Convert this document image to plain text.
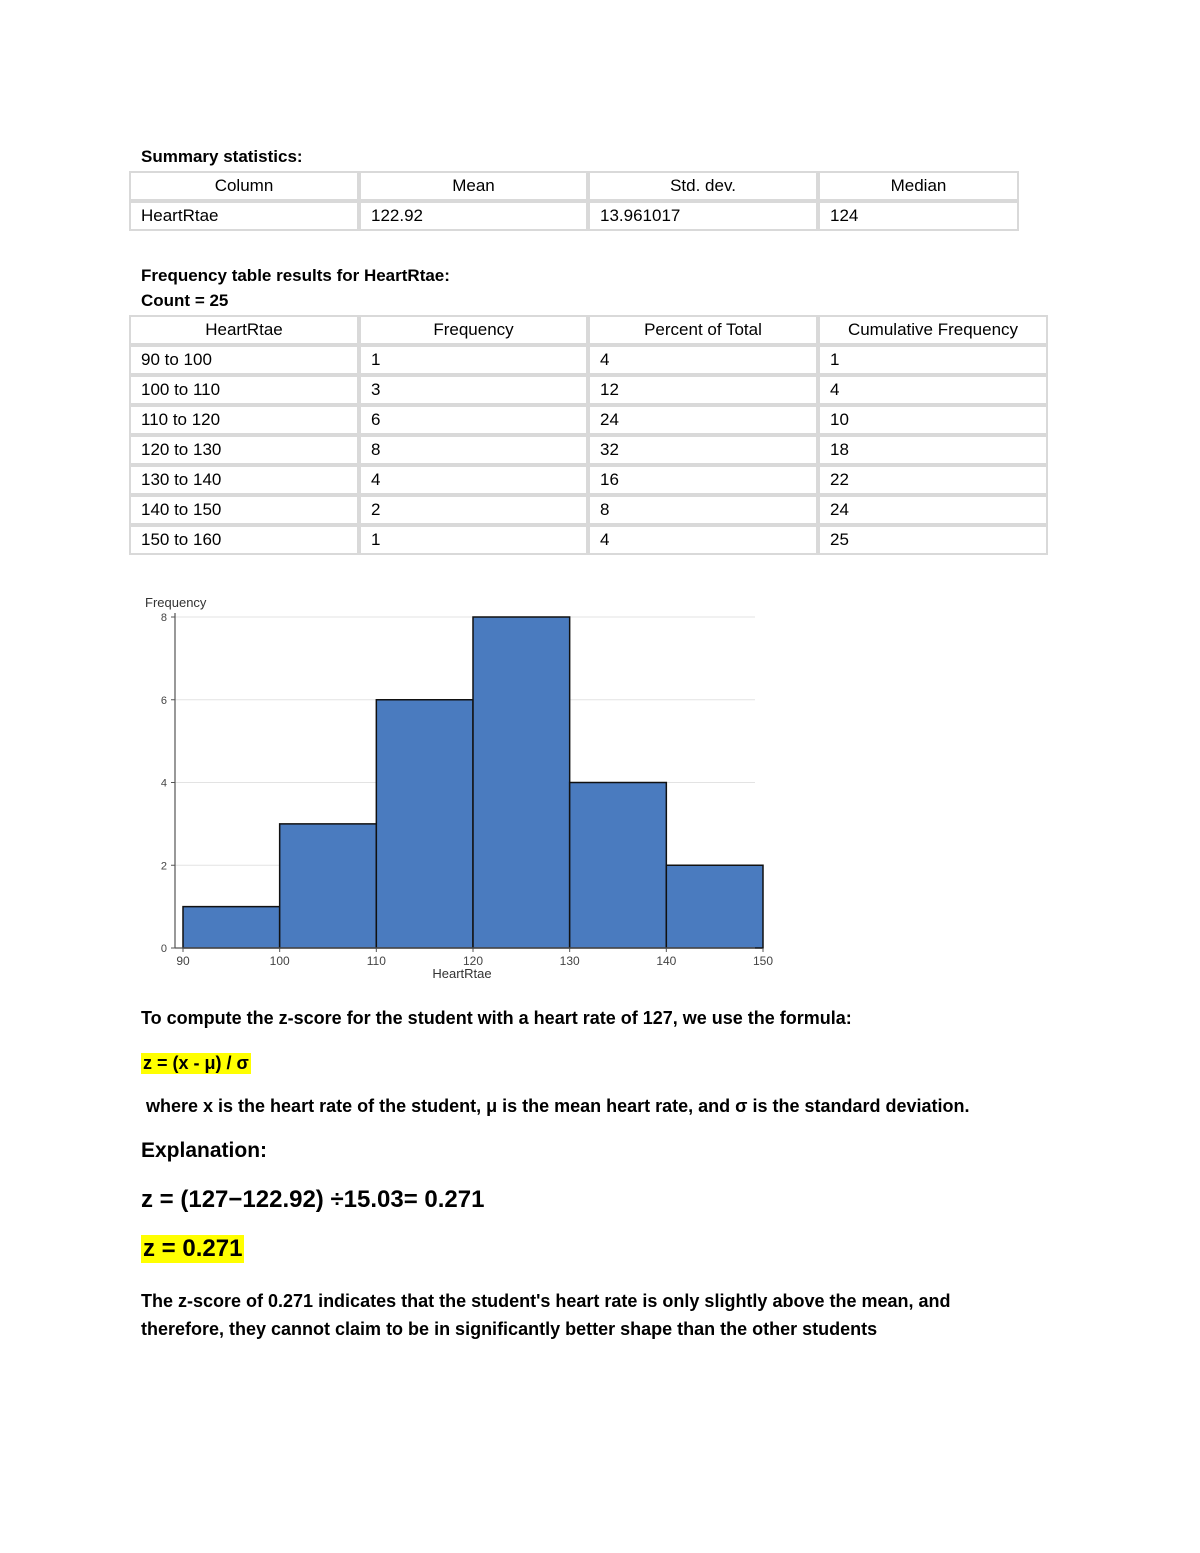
Summary statistics:
Column	Mean	Std. dev.	Median
HeartRtae	122.92	13.961017	124
Frequency table results for HeartRtae:
Count = 25
HeartRtae	Frequency	Percent of Total	Cumulative Frequency
90 to 100	1	4	1
100 to 110	3	12	4
110 to 120	6	24	10
120 to 130	8	32	18
130 to 140	4	16	22
140 to 150	2	8	24
150 to 160	1	4	25
0
2
4
6
8
90	100	110	120	130	140	150
Frequency
HeartRtae
To compute the z-score for the student with a heart rate of 127, we use the formula:
z = (x - μ) / σ
where x is the heart rate of the student, μ is the mean heart rate, and σ is the standard deviation.
Explanation:
z = (127−122.92) ÷15.03= 0.271
z = 0.271
The z-score of 0.271 indicates that the student's heart rate is only slightly above the mean, and
therefore, they cannot claim to be in significantly better shape than the other students
